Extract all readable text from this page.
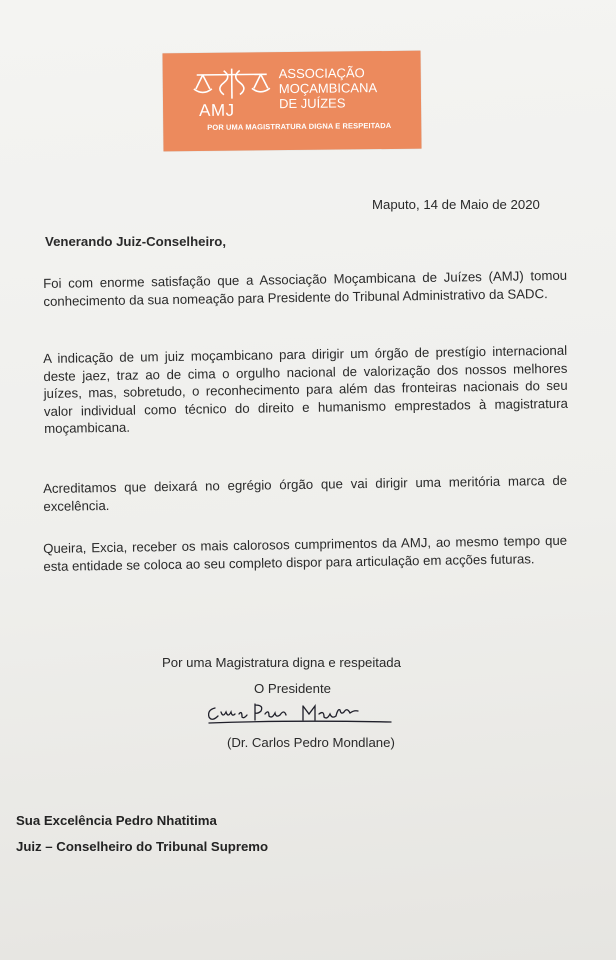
AMJ
ASSOCIAÇÃO
MOÇAMBICANA
DE JUÍZES
POR UMA MAGISTRATURA DIGNA E RESPEITADA
Maputo, 14 de Maio de 2020
Venerando Juiz-Conselheiro,
Foi com enorme satisfação que a Associação Moçambicana de Juízes (AMJ) tomou conhecimento da sua nomeação para Presidente do Tribunal Administrativo da SADC.
A indicação de um juiz moçambicano para dirigir um órgão de prestígio internacional deste jaez, traz ao de cima o orgulho nacional de valorização dos nossos melhores juízes, mas, sobretudo, o reconhecimento para além das fronteiras nacionais do seu valor individual como técnico do direito e humanismo emprestados à magistratura moçambicana.
Acreditamos que deixará no egrégio órgão que vai dirigir uma meritória marca de excelência.
Queira, Excia, receber os mais calorosos cumprimentos da AMJ, ao mesmo tempo que esta entidade se coloca ao seu completo dispor para articulação em acções futuras.
Por uma Magistratura digna e respeitada
O Presidente
(Dr. Carlos Pedro Mondlane)
Sua Excelência Pedro Nhatitima
Juiz – Conselheiro do Tribunal Supremo
